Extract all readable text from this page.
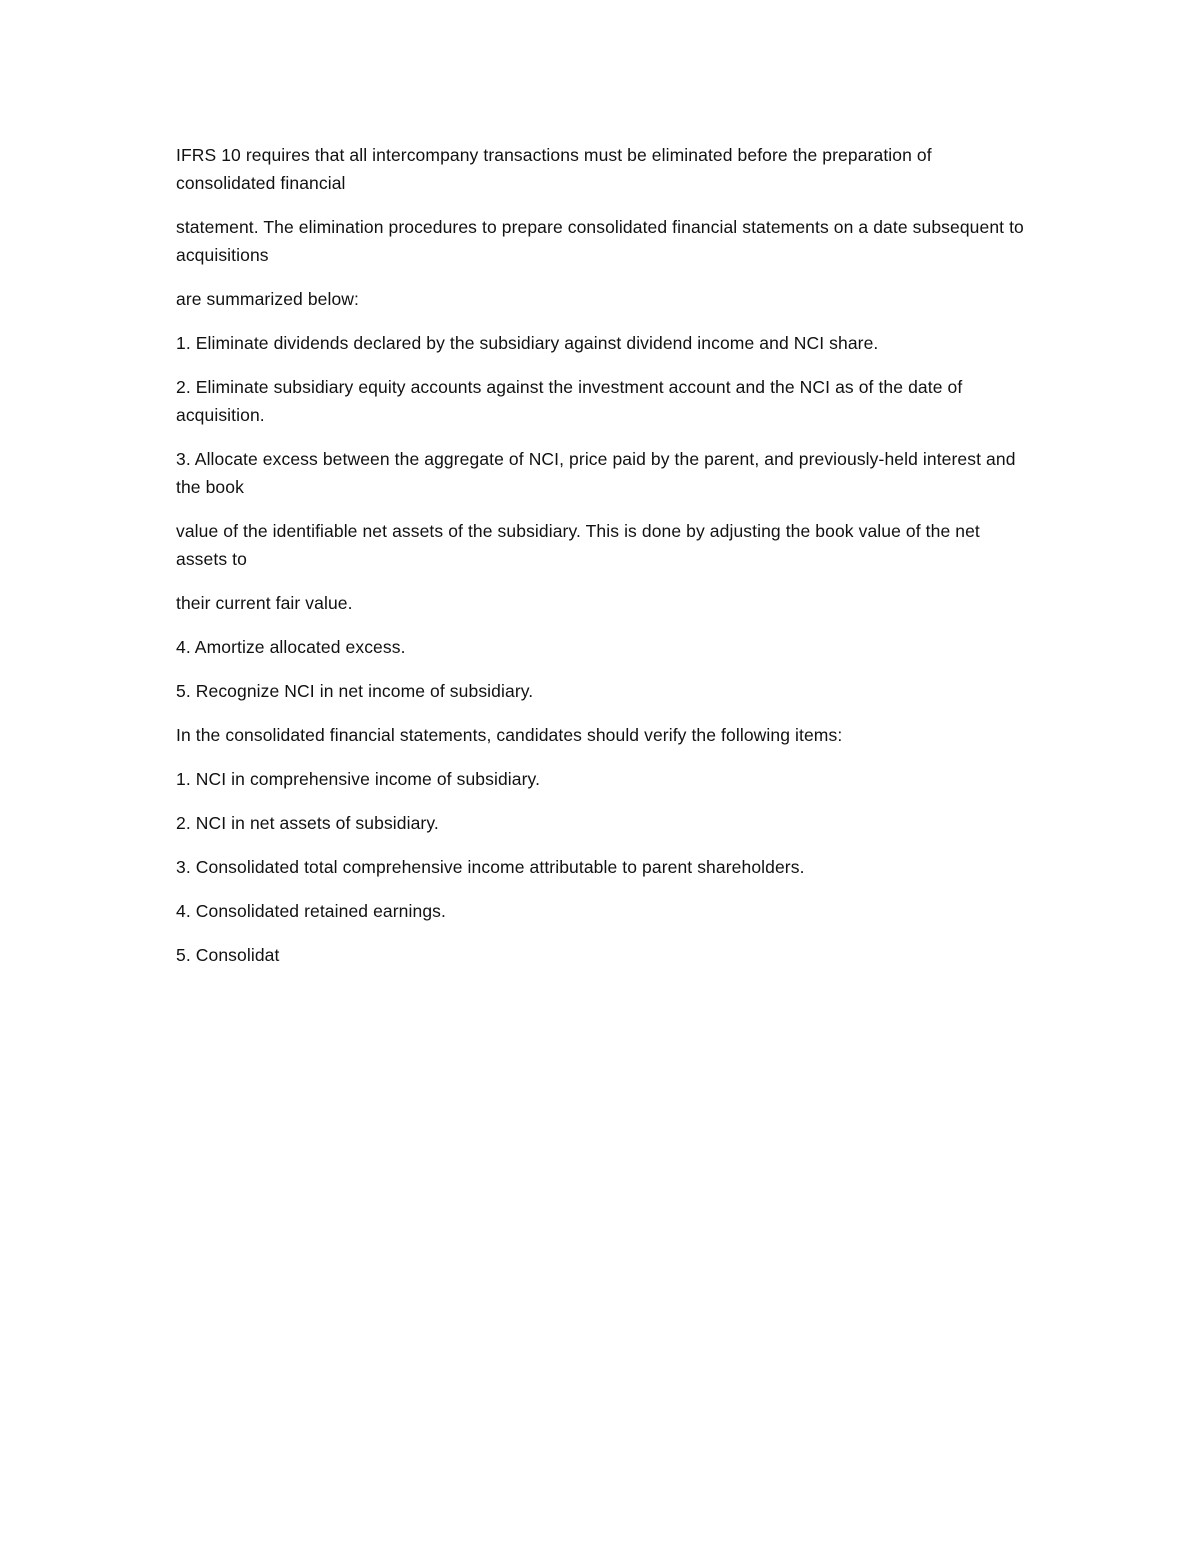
IFRS 10 requires that all intercompany transactions must be eliminated before the preparation of consolidated financial

statement. The elimination procedures to prepare consolidated financial statements on a date subsequent to acquisitions

are summarized below:

1. Eliminate dividends declared by the subsidiary against dividend income and NCI share.

2. Eliminate subsidiary equity accounts against the investment account and the NCI as of the date of acquisition.

3. Allocate excess between the aggregate of NCI, price paid by the parent, and previously-held interest and the book

value of the identifiable net assets of the subsidiary. This is done by adjusting the book value of the net assets to

their current fair value.

4. Amortize allocated excess.

5. Recognize NCI in net income of subsidiary.

In the consolidated financial statements, candidates should verify the following items:

1. NCI in comprehensive income of subsidiary.

2. NCI in net assets of subsidiary.

3. Consolidated total comprehensive income attributable to parent shareholders.

4. Consolidated retained earnings.

5. Consolidat
